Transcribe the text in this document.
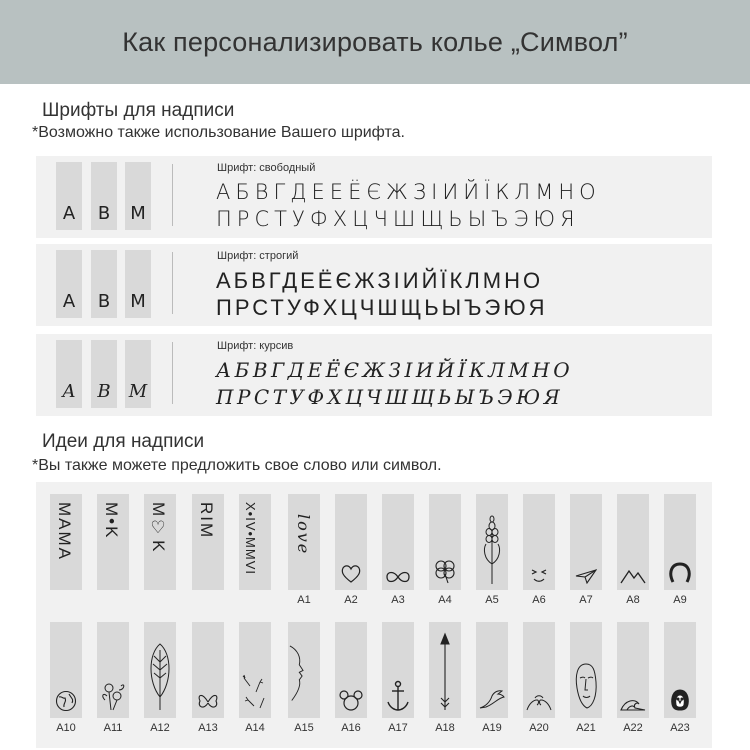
Как персонализировать колье „Символ”
Шрифты для надписи
*Возможно также использование Вашего шрифта.
A B M
Шрифт: свободный
АБВГДЕЕЁЄЖЗІИЙЇКЛМНО
ПРСТУФХЦЧШЩЬЫЪЭЮЯ
A B M
Шрифт: строгий
АБВГДЕЁЄЖЗІИЙЇКЛМНО
ПРСТУФХЦЧШЩЬЫЪЭЮЯ
A B M
Шрифт: курсив
АБВГДЕЁЄЖЗІИЙЇКЛМНО
ПРСТУФХЦЧШЩЬЫЪЭЮЯ
Идеи для надписи
*Вы также можете предложить свое слово или символ.
MAMA M•K M♡K RIM X•IV•MMVI love
A1	A2	A3	A4	A5	A6	A7	A8	A9
A10	A11	A12	A13	A14	A15	A16	A17	A18	A19	A20	A21	A22	A23
